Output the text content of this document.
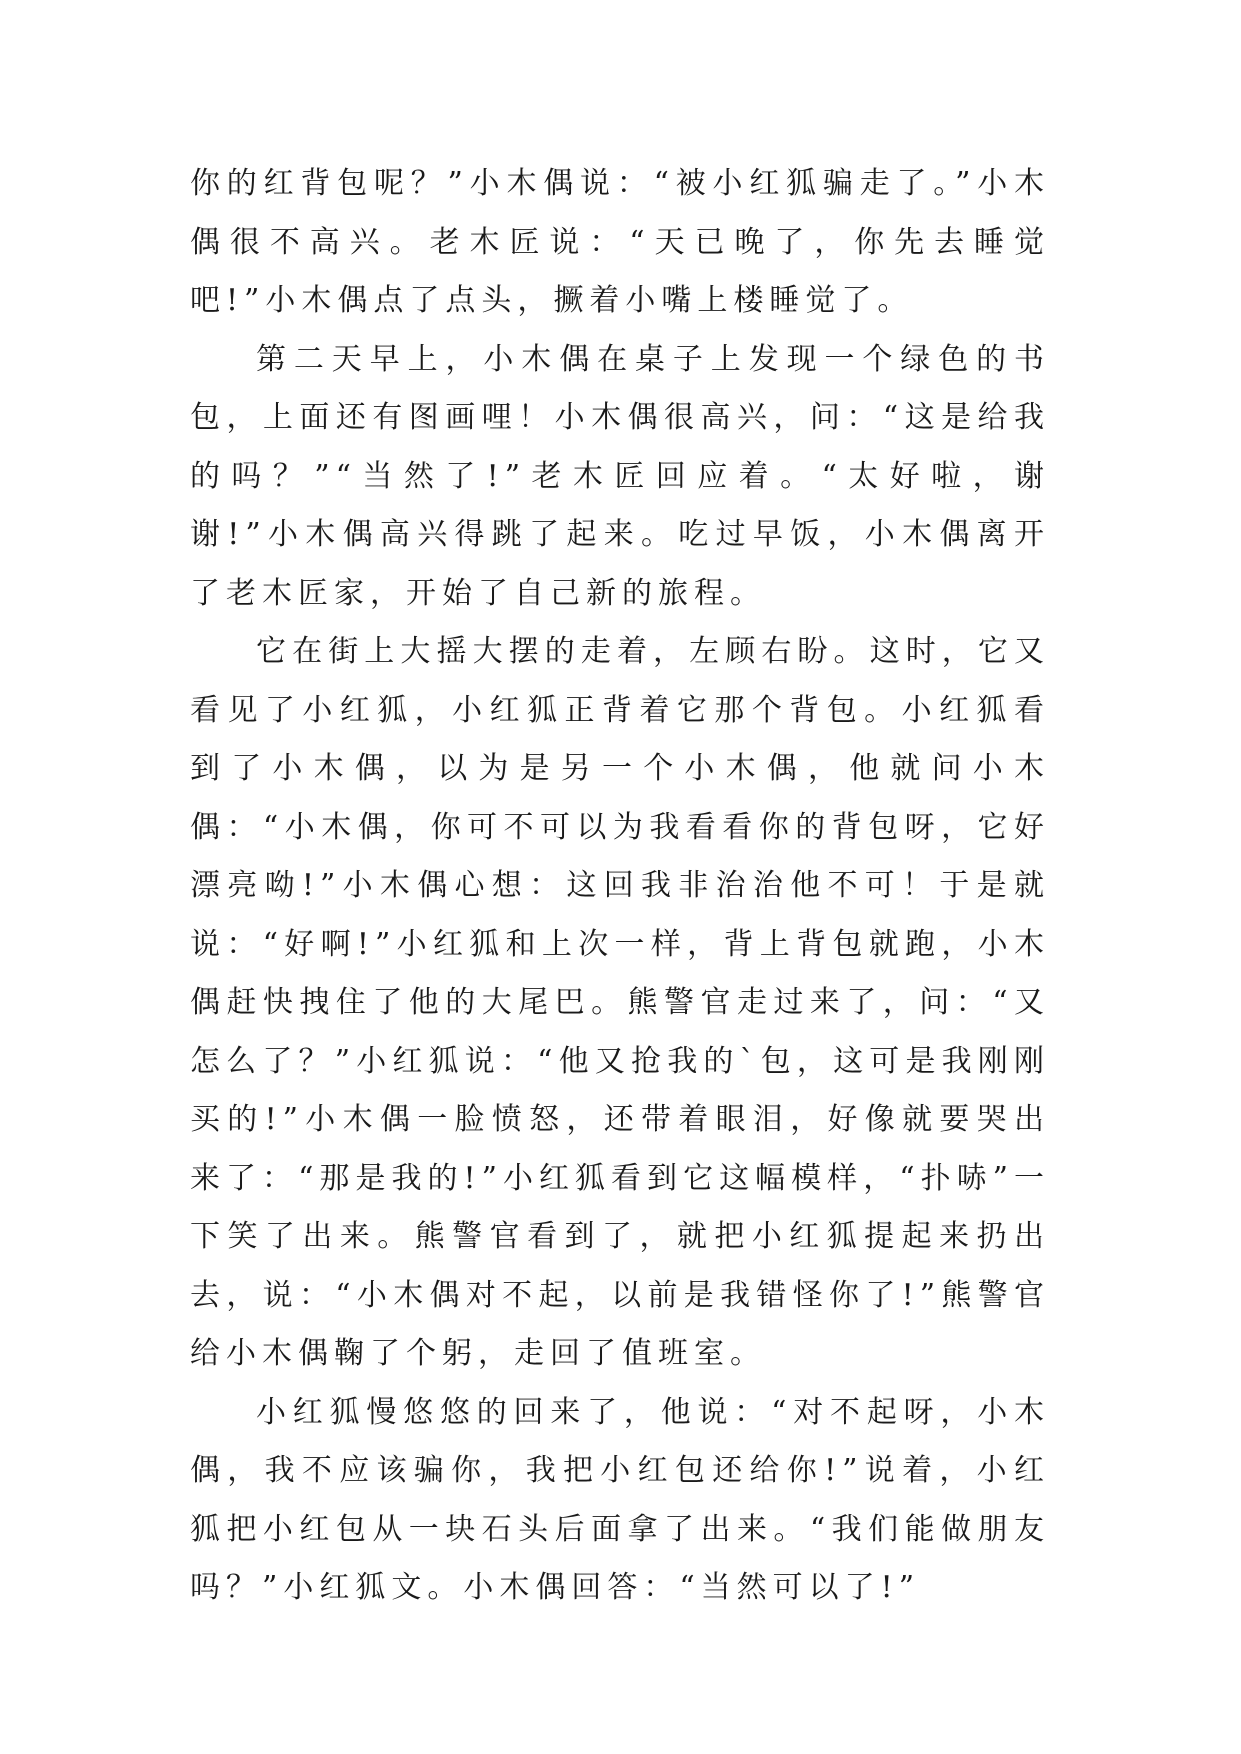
你的红背包呢？”小木偶说：“被小红狐骗走了。”小木偶很不高兴。老木匠说：“天已晚了，你先去睡觉吧!”小木偶点了点头，撅着小嘴上楼睡觉了。

第二天早上，小木偶在桌子上发现一个绿色的书包，上面还有图画哩！小木偶很高兴，问：“这是给我的吗？”“当然了!”老木匠回应着。“太好啦，谢谢!”小木偶高兴得跳了起来。吃过早饭，小木偶离开了老木匠家，开始了自己新的旅程。

它在街上大摇大摆的走着，左顾右盼。这时，它又看见了小红狐，小红狐正背着它那个背包。小红狐看到了小木偶，以为是另一个小木偶，他就问小木偶：“小木偶，你可不可以为我看看你的背包呀，它好漂亮呦!”小木偶心想：这回我非治治他不可！于是就说：“好啊!”小红狐和上次一样，背上背包就跑，小木偶赶快拽住了他的大尾巴。熊警官走过来了，问：“又怎么了？”小红狐说：“他又抢我的`包，这可是我刚刚买的!”小木偶一脸愤怒，还带着眼泪，好像就要哭出来了：“那是我的!”小红狐看到它这幅模样，“扑哧”一下笑了出来。熊警官看到了，就把小红狐提起来扔出去，说：“小木偶对不起，以前是我错怪你了!”熊警官给小木偶鞠了个躬，走回了值班室。

小红狐慢悠悠的回来了，他说：“对不起呀，小木偶，我不应该骗你，我把小红包还给你!”说着，小红狐把小红包从一块石头后面拿了出来。“我们能做朋友吗？”小红狐文。小木偶回答：“当然可以了!”
